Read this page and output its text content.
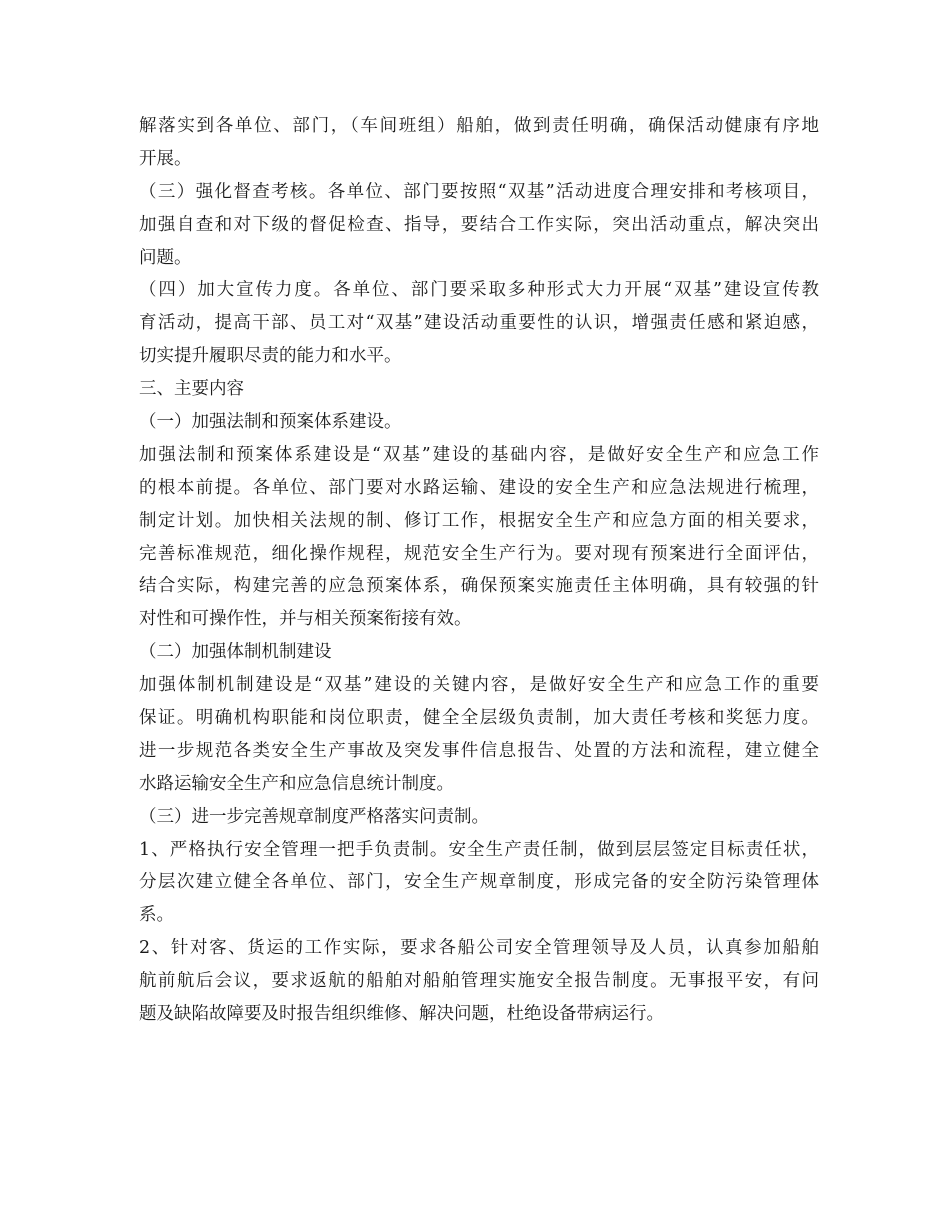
解落实到各单位、部门，（车间班组）船舶，做到责任明确，确保活动健康有序地
开展。
（三）强化督查考核。各单位、部门要按照“双基”活动进度合理安排和考核项目，
加强自查和对下级的督促检查、指导，要结合工作实际，突出活动重点，解决突出
问题。
（四）加大宣传力度。各单位、部门要采取多种形式大力开展“双基”建设宣传教
育活动，提高干部、员工对“双基”建设活动重要性的认识，增强责任感和紧迫感，
切实提升履职尽责的能力和水平。
三、主要内容
（一）加强法制和预案体系建设。
加强法制和预案体系建设是“双基”建设的基础内容，是做好安全生产和应急工作
的根本前提。各单位、部门要对水路运输、建设的安全生产和应急法规进行梳理，
制定计划。加快相关法规的制、修订工作，根据安全生产和应急方面的相关要求，
完善标准规范，细化操作规程，规范安全生产行为。要对现有预案进行全面评估，
结合实际，构建完善的应急预案体系，确保预案实施责任主体明确，具有较强的针
对性和可操作性，并与相关预案衔接有效。
（二）加强体制机制建设
加强体制机制建设是“双基”建设的关键内容，是做好安全生产和应急工作的重要
保证。明确机构职能和岗位职责，健全全层级负责制，加大责任考核和奖惩力度。
进一步规范各类安全生产事故及突发事件信息报告、处置的方法和流程，建立健全
水路运输安全生产和应急信息统计制度。
（三）进一步完善规章制度严格落实问责制。
1、严格执行安全管理一把手负责制。安全生产责任制，做到层层签定目标责任状，
分层次建立健全各单位、部门，安全生产规章制度，形成完备的安全防污染管理体
系。
2、针对客、货运的工作实际，要求各船公司安全管理领导及人员，认真参加船舶
航前航后会议，要求返航的船舶对船舶管理实施安全报告制度。无事报平安，有问
题及缺陷故障要及时报告组织维修、解决问题，杜绝设备带病运行。
